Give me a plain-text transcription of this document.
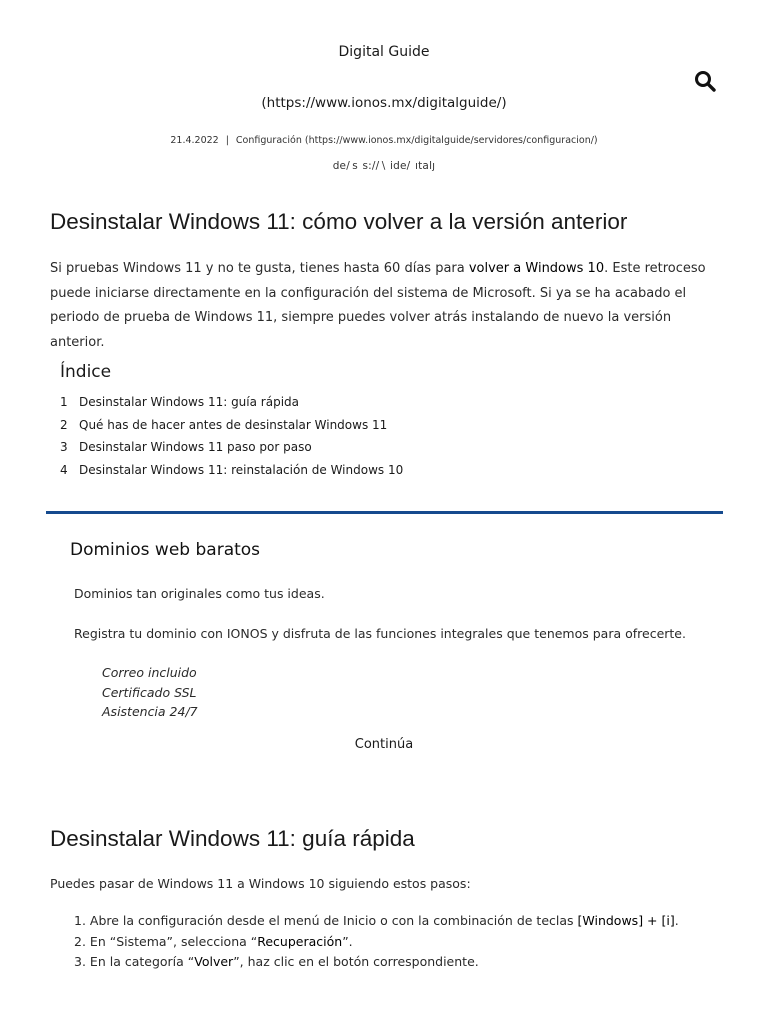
Digital Guide
(https://www.ionos.mx/digitalguide/)
21.4.2022 | Configuración (https://www.ionos.mx/digitalguide/servidores/configuracion/)
de/ s  s:// \  ide/  ıtalȷ
Desinstalar Windows 11: cómo volver a la versión anterior

Si pruebas Windows 11 y no te gusta, tienes hasta 60 días para volver a Windows 10. Este retroceso puede iniciarse directamente en la configuración del sistema de Microsoft. Si ya se ha acabado el periodo de prueba de Windows 11, siempre puedes volver atrás instalando de nuevo la versión anterior.

Índice
1 Desinstalar Windows 11: guía rápida
2 Qué has de hacer antes de desinstalar Windows 11
3 Desinstalar Windows 11 paso por paso
4 Desinstalar Windows 11: reinstalación de Windows 10
Dominios web baratos
Dominios tan originales como tus ideas.
Registra tu dominio con IONOS y disfruta de las funciones integrales que tenemos para ofrecerte.
Correo incluido
Certificado SSL
Asistencia 24/7
Continúa
Desinstalar Windows 11: guía rápida
Puedes pasar de Windows 11 a Windows 10 siguiendo estos pasos:
1. Abre la configuración desde el menú de Inicio o con la combinación de teclas [Windows] + [i].
2. En “Sistema”, selecciona “Recuperación”.
3. En la categoría “Volver”, haz clic en el botón correspondiente.
